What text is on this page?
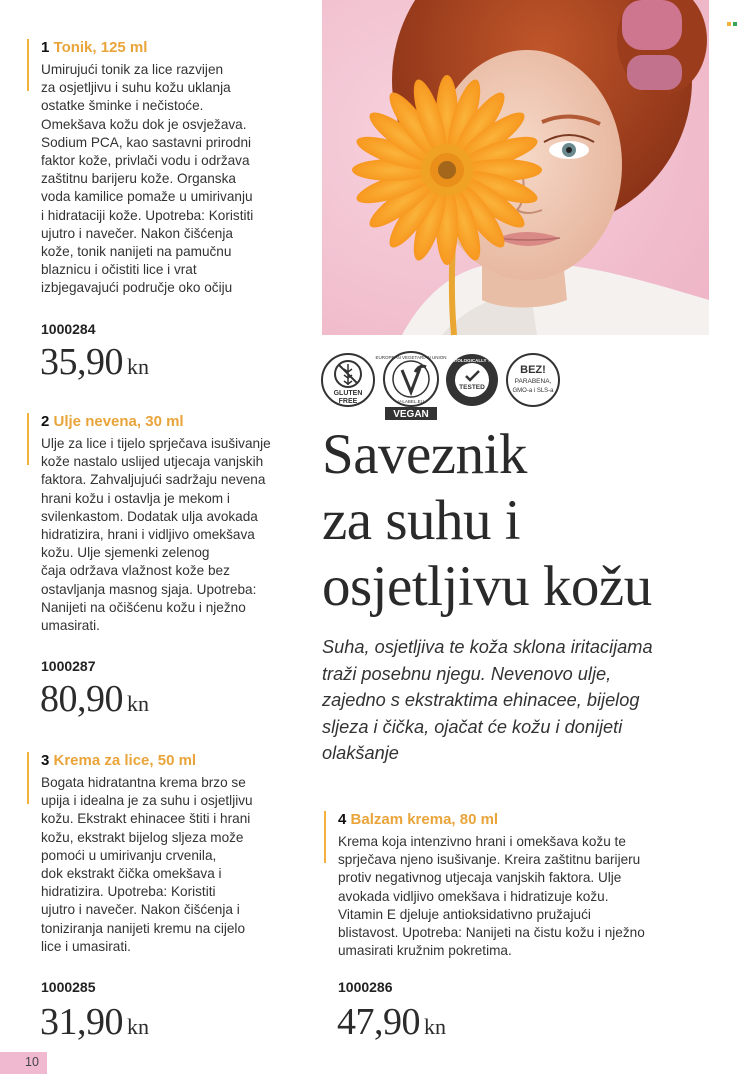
1 Tonik, 125 ml
Umirujući tonik za lice razvijen
za osjetljivu i suhu kožu uklanja
ostatke šminke i nečistoće.
Omekšava kožu dok je osvježava.
Sodium PCA, kao sastavni prirodni
faktor kože, privlači vodu i održava
zaštitnu barijeru kože. Organska
voda kamilice pomaže u umirivanju
i hidrataciji kože. Upotreba: Koristiti
ujutro i navečer. Nakon čišćenja
kože, tonik nanijeti na pamučnu
blaznicu i očistiti lice i vrat
izbjegavajući područje oko očiju
1000284
35,90 kn
2 Ulje nevena, 30 ml
Ulje za lice i tijelo sprječava isušivanje
kože nastalo uslijed utjecaja vanjskih
faktora. Zahvaljujući sadržaju nevena
hrani kožu i ostavlja je mekom i
svilenkastom. Dodatak ulja avokada
hidratizira, hrani i vidljivo omekšava
kožu. Ulje sjemenki zelenog
čaja održava vlažnost kože bez
ostavljanja masnog sjaja. Upotreba:
Nanijeti na očišćenu kožu i nježno
umasirati.
1000287
80,90 kn
3 Krema za lice, 50 ml
Bogata hidratantna krema brzo se
upija i idealna je za suhu i osjetljivu
kožu. Ekstrakt ehinacee štiti i hrani
kožu, ekstrakt bijelog sljeza može
pomoći u umirivanju crvenila,
dok ekstrakt čička omekšava i
hidratizira. Upotreba: Koristiti
ujutro i navečer. Nakon čišćenja i
toniziranja nanijeti kremu na cijelo
lice i umasirati.
1000285
31,90 kn
GLUTEN
FREE
EUROPEAN VEGETARIAN UNION
V-LABEL.EU
VEGAN
DERMATOLOGICALLY TESTED
TESTED
BEZ!
PARABENA,
GMO-a i SLS-a
Saveznik
za suhu i
osjetljivu kožu
Suha, osjetljiva te koža sklona iritacijama
traži posebnu njegu. Nevenovo ulje,
zajedno s ekstraktima ehinacee, bijelog
sljeza i čička, ojačat će kožu i donijeti
olakšanje
4 Balzam krema, 80 ml
Krema koja intenzivno hrani i omekšava kožu te
sprječava njeno isušivanje. Kreira zaštitnu barijeru
protiv negativnog utjecaja vanjskih faktora. Ulje
avokada vidljivo omekšava i hidratizuje kožu.
Vitamin E djeluje antioksidativno pružajući
blistavost. Upotreba: Nanijeti na čistu kožu i nježno
umasirati kružnim pokretima.
1000286
47,90 kn
10
